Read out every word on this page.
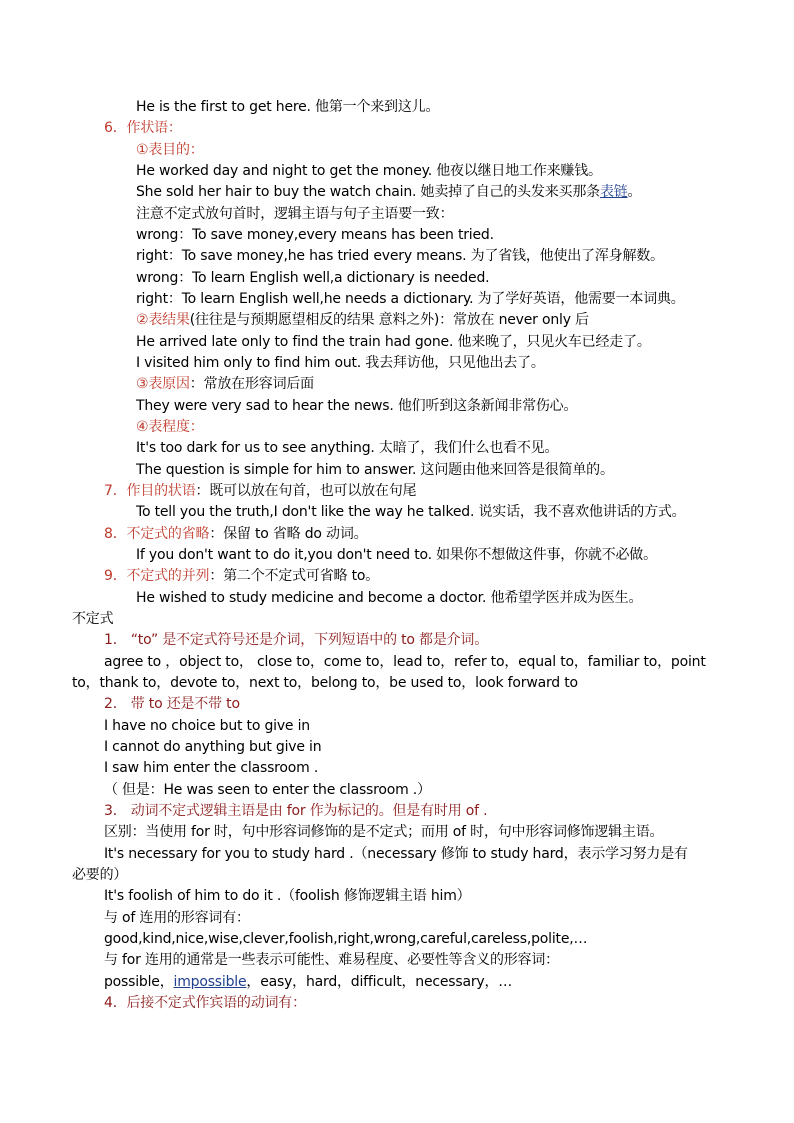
He is the first to get here. 他第一个来到这儿。
6．作状语：
①表目的：
He worked day and night to get the money. 他夜以继日地工作来赚钱。
She sold her hair to buy the watch chain. 她卖掉了自己的头发来买那条表链。
注意不定式放句首时，逻辑主语与句子主语要一致：
wrong：To save money,every means has been tried.
right：To save money,he has tried every means. 为了省钱，他使出了浑身解数。
wrong：To learn English well,a dictionary is needed.
right：To learn English well,he needs a dictionary. 为了学好英语，他需要一本词典。
②表结果(往往是与预期愿望相反的结果 意料之外)：常放在 never only 后
He arrived late only to find the train had gone. 他来晚了，只见火车已经走了。
I visited him only to find him out. 我去拜访他，只见他出去了。
③表原因：常放在形容词后面
They were very sad to hear the news. 他们听到这条新闻非常伤心。
④表程度：
It's too dark for us to see anything. 太暗了，我们什么也看不见。
The question is simple for him to answer. 这问题由他来回答是很简单的。
7．作目的状语：既可以放在句首，也可以放在句尾
To tell you the truth,I don't like the way he talked. 说实话，我不喜欢他讲话的方式。
8．不定式的省略：保留 to 省略 do 动词。
If you don't want to do it,you don't need to. 如果你不想做这件事，你就不必做。
9．不定式的并列：第二个不定式可省略 to。
He wished to study medicine and become a doctor. 他希望学医并成为医生。
不定式
1． “to” 是不定式符号还是介词，下列短语中的 to 都是介词。
agree to ，object to， close to，come to，lead to，refer to，equal to，familiar to，point
to，thank to，devote to，next to，belong to，be used to，look forward to
2． 带 to 还是不带 to
I have no choice but to give in
I cannot do anything but give in
I saw him enter the classroom .
（ 但是：He was seen to enter the classroom .）
3． 动词不定式逻辑主语是由 for 作为标记的。但是有时用 of .
区别：当使用 for 时，句中形容词修饰的是不定式；而用 of 时，句中形容词修饰逻辑主语。
It's necessary for you to study hard .（necessary 修饰 to study hard，表示学习努力是有
必要的）
It's foolish of him to do it .（foolish 修饰逻辑主语 him）
与 of 连用的形容词有：
good,kind,nice,wise,clever,foolish,right,wrong,careful,careless,polite,…
与 for 连用的通常是一些表示可能性、难易程度、必要性等含义的形容词：
possible，impossible，easy，hard，difficult，necessary，…
4．后接不定式作宾语的动词有：
